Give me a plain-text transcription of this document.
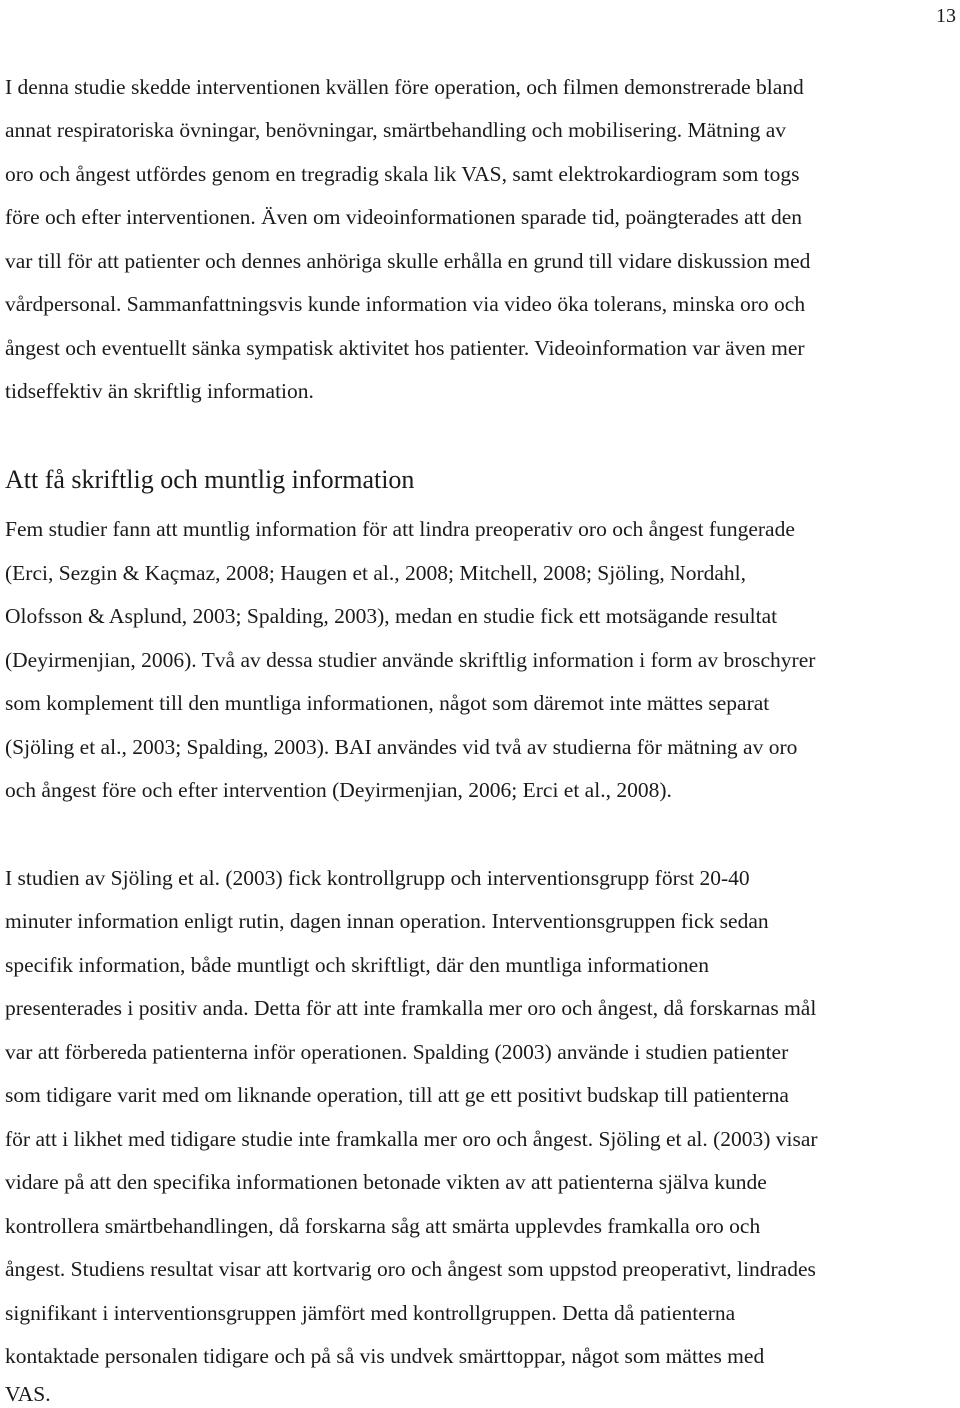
13
I denna studie skedde interventionen kvällen före operation, och filmen demonstrerade bland
annat respiratoriska övningar, benövningar, smärtbehandling och mobilisering. Mätning av
oro och ångest utfördes genom en tregradig skala lik VAS, samt elektrokardiogram som togs
före och efter interventionen. Även om videoinformationen sparade tid, poängterades att den
var till för att patienter och dennes anhöriga skulle erhålla en grund till vidare diskussion med
vårdpersonal. Sammanfattningsvis kunde information via video öka tolerans, minska oro och
ångest och eventuellt sänka sympatisk aktivitet hos patienter. Videoinformation var även mer
tidseffektiv än skriftlig information.
Att få skriftlig och muntlig information
Fem studier fann att muntlig information för att lindra preoperativ oro och ångest fungerade
(Erci, Sezgin & Kaçmaz, 2008; Haugen et al., 2008; Mitchell, 2008; Sjöling, Nordahl,
Olofsson & Asplund, 2003; Spalding, 2003), medan en studie fick ett motsägande resultat
(Deyirmenjian, 2006). Två av dessa studier använde skriftlig information i form av broschyrer
som komplement till den muntliga informationen, något som däremot inte mättes separat
(Sjöling et al., 2003; Spalding, 2003). BAI användes vid två av studierna för mätning av oro
och ångest före och efter intervention (Deyirmenjian, 2006; Erci et al., 2008).
I studien av Sjöling et al. (2003) fick kontrollgrupp och interventionsgrupp först 20-40
minuter information enligt rutin, dagen innan operation. Interventionsgruppen fick sedan
specifik information, både muntligt och skriftligt, där den muntliga informationen
presenterades i positiv anda. Detta för att inte framkalla mer oro och ångest, då forskarnas mål
var att förbereda patienterna inför operationen. Spalding (2003) använde i studien patienter
som tidigare varit med om liknande operation, till att ge ett positivt budskap till patienterna
för att i likhet med tidigare studie inte framkalla mer oro och ångest. Sjöling et al. (2003) visar
vidare på att den specifika informationen betonade vikten av att patienterna själva kunde
kontrollera smärtbehandlingen, då forskarna såg att smärta upplevdes framkalla oro och
ångest. Studiens resultat visar att kortvarig oro och ångest som uppstod preoperativt, lindrades
signifikant i interventionsgruppen jämfört med kontrollgruppen. Detta då patienterna
kontaktade personalen tidigare och på så vis undvek smärttoppar, något som mättes med
VAS.
